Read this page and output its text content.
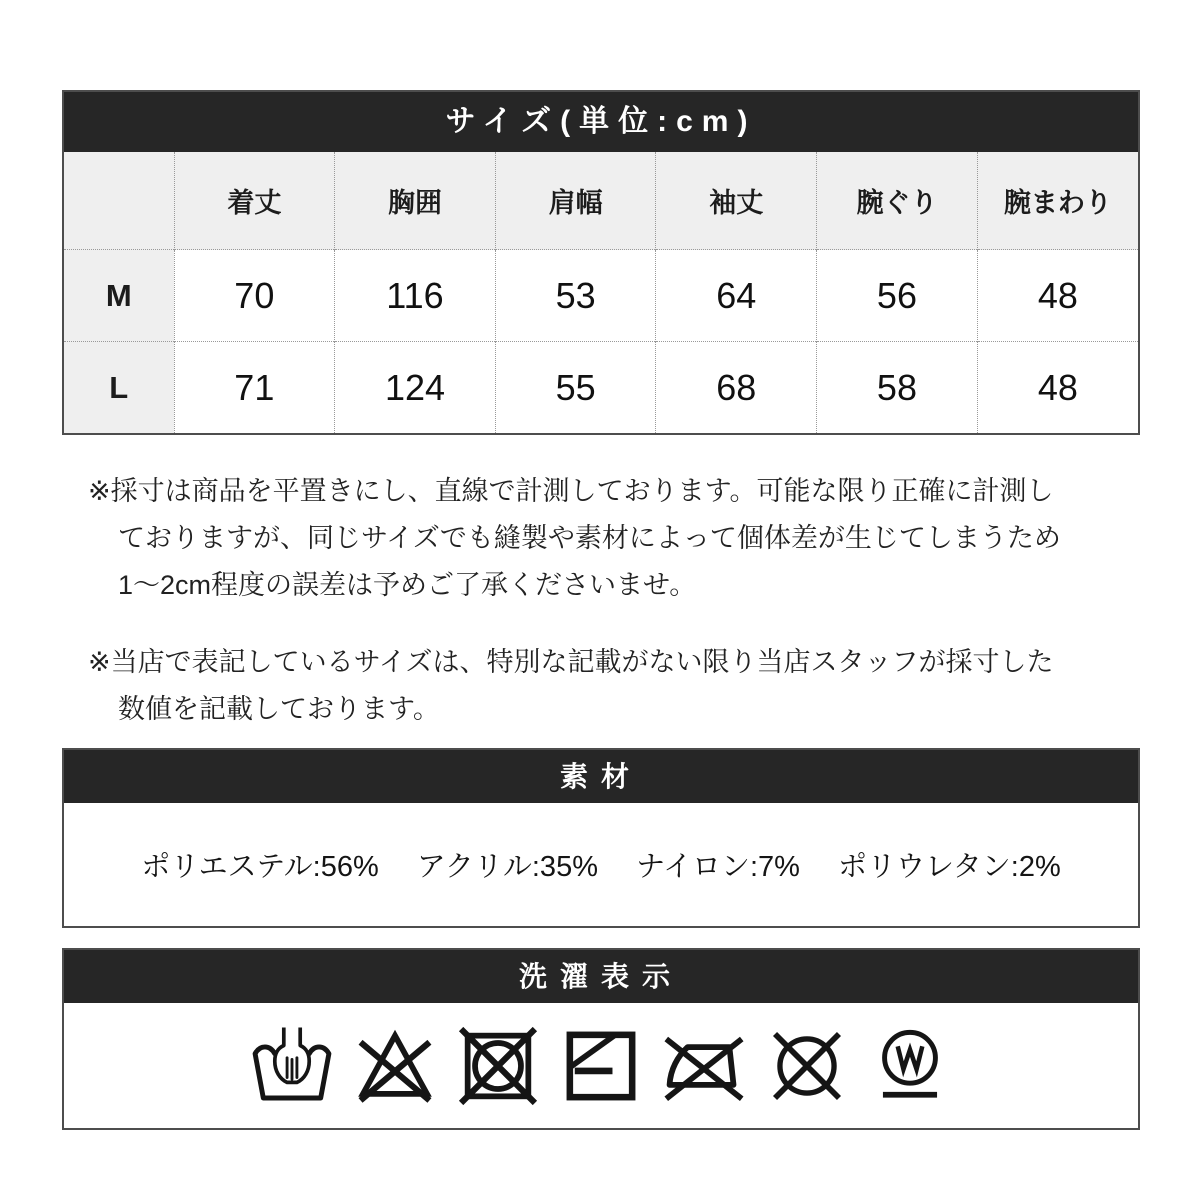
サイズ(単位:cm)
	着丈	胸囲	肩幅	袖丈	腕ぐり	腕まわり
M	70	116	53	64	56	48
L	71	124	55	68	58	48

※採寸は商品を平置きにし、直線で計測しております。可能な限り正確に計測し
ておりますが、同じサイズでも縫製や素材によって個体差が生じてしまうため
1〜2cm程度の誤差は予めご了承くださいませ。

※当店で表記しているサイズは、特別な記載がない限り当店スタッフが採寸した
数値を記載しております。

素材
ポリエステル:56% アクリル:35% ナイロン:7% ポリウレタン:2%
洗濯表示
